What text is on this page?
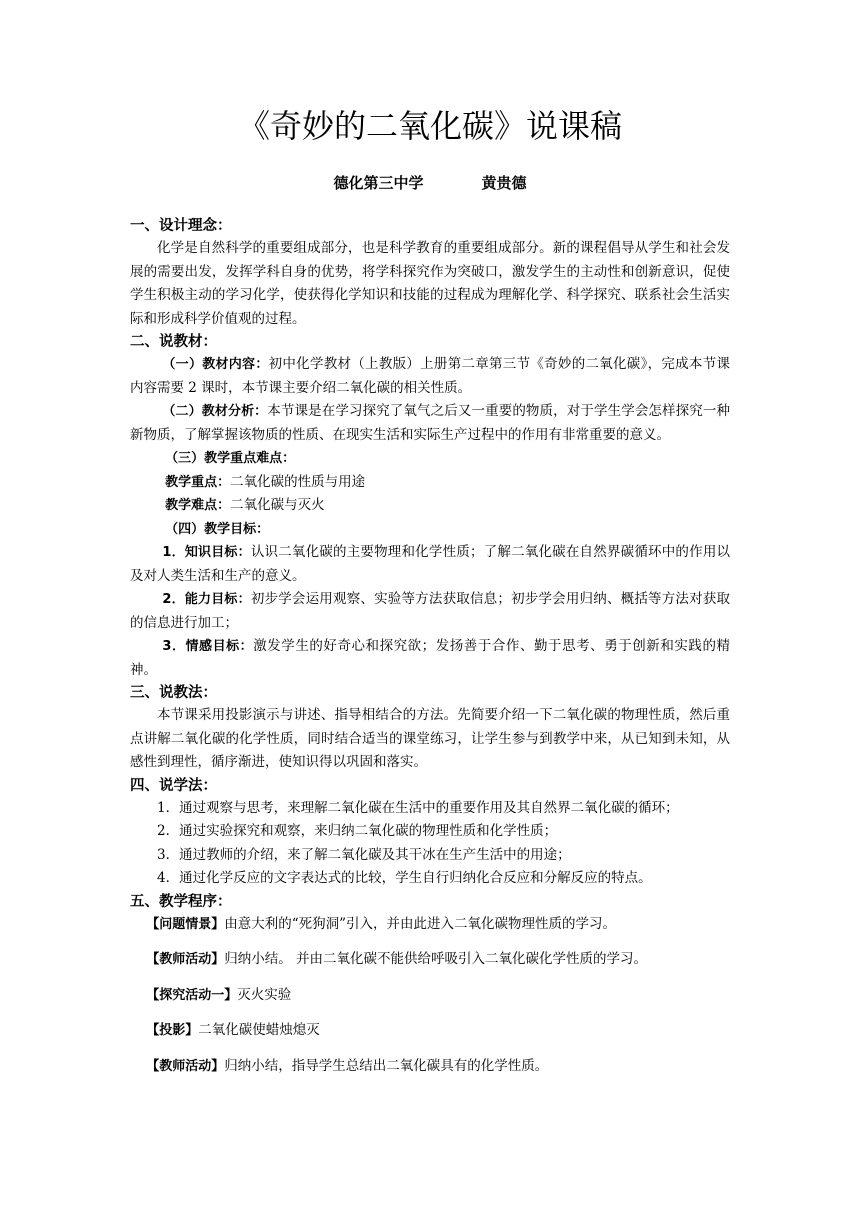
《奇妙的二氧化碳》说课稿
德化第三中学	黄贵德
一、设计理念：
化学是自然科学的重要组成部分，也是科学教育的重要组成部分。新的课程倡导从学生和社会发展的需要出发，发挥学科自身的优势，将学科探究作为突破口，激发学生的主动性和创新意识，促使学生积极主动的学习化学，使获得化学知识和技能的过程成为理解化学、科学探究、联系社会生活实际和形成科学价值观的过程。
二、说教材：
（一）教材内容：初中化学教材（上教版）上册第二章第三节《奇妙的二氧化碳》，完成本节课内容需要 2 课时，本节课主要介绍二氧化碳的相关性质。
（二）教材分析：本节课是在学习探究了氧气之后又一重要的物质，对于学生学会怎样探究一种新物质，了解掌握该物质的性质、在现实生活和实际生产过程中的作用有非常重要的意义。
（三）教学重点难点：
教学重点：二氧化碳的性质与用途
教学难点：二氧化碳与灭火
（四）教学目标：
1．知识目标：认识二氧化碳的主要物理和化学性质；了解二氧化碳在自然界碳循环中的作用以及对人类生活和生产的意义。
2．能力目标：初步学会运用观察、实验等方法获取信息；初步学会用归纳、概括等方法对获取的信息进行加工；
3．情感目标：激发学生的好奇心和探究欲；发扬善于合作、勤于思考、勇于创新和实践的精神。
三、说教法：
本节课采用投影演示与讲述、指导相结合的方法。先简要介绍一下二氧化碳的物理性质，然后重点讲解二氧化碳的化学性质，同时结合适当的课堂练习，让学生参与到教学中来，从已知到未知，从感性到理性，循序渐进，使知识得以巩固和落实。
四、说学法：
1．通过观察与思考，来理解二氧化碳在生活中的重要作用及其自然界二氧化碳的循环；
2．通过实验探究和观察，来归纳二氧化碳的物理性质和化学性质；
3．通过教师的介绍，来了解二氧化碳及其干冰在生产生活中的用途；
4．通过化学反应的文字表达式的比较，学生自行归纳化合反应和分解反应的特点。
五、教学程序：
【问题情景】由意大利的“死狗洞”引入，并由此进入二氧化碳物理性质的学习。
【教师活动】归纳小结。 并由二氧化碳不能供给呼吸引入二氧化碳化学性质的学习。
【探究活动一】灭火实验
【投影】二氧化碳使蜡烛熄灭
【教师活动】归纳小结，指导学生总结出二氧化碳具有的化学性质。
